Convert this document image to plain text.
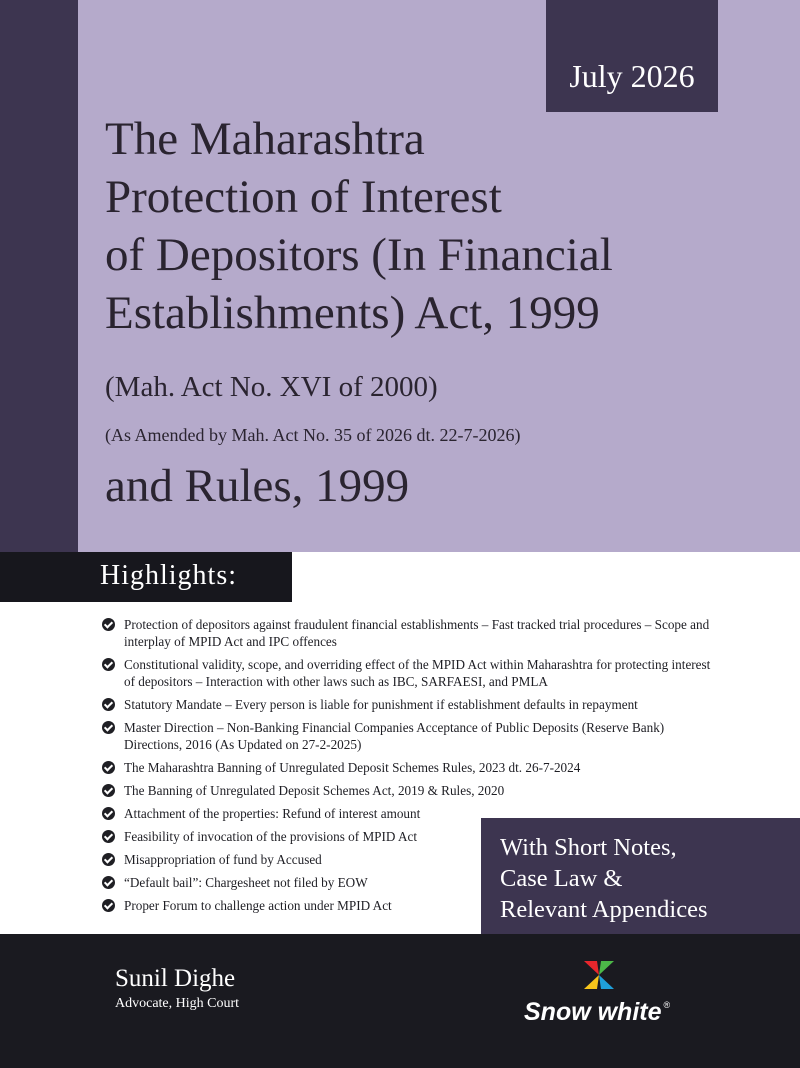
July 2026
The Maharashtra
Protection of Interest
of Depositors (In Financial
Establishments) Act, 1999
(Mah. Act No. XVI of 2000)
(As Amended by Mah. Act No. 35 of 2026 dt. 22-7-2026)
and Rules, 1999
Highlights:
Protection of depositors against fraudulent financial establishments – Fast tracked trial procedures – Scope and interplay of MPID Act and IPC offences
Constitutional validity, scope, and overriding effect of the MPID Act within Maharashtra for protecting interest of depositors – Interaction with other laws such as IBC, SARFAESI, and PMLA
Statutory Mandate – Every person is liable for punishment if establishment defaults in repayment
Master Direction – Non-Banking Financial Companies Acceptance of Public Deposits (Reserve Bank) Directions, 2016 (As Updated on 27-2-2025)
The Maharashtra Banning of Unregulated Deposit Schemes Rules, 2023 dt. 26-7-2024
The Banning of Unregulated Deposit Schemes Act, 2019 & Rules, 2020
Attachment of the properties: Refund of interest amount
Feasibility of invocation of the provisions of MPID Act
Misappropriation of fund by Accused
“Default bail”: Chargesheet not filed by EOW
Proper Forum to challenge action under MPID Act
With Short Notes,
Case Law &
Relevant Appendices
Sunil Dighe
Advocate, High Court	Snow white ®
